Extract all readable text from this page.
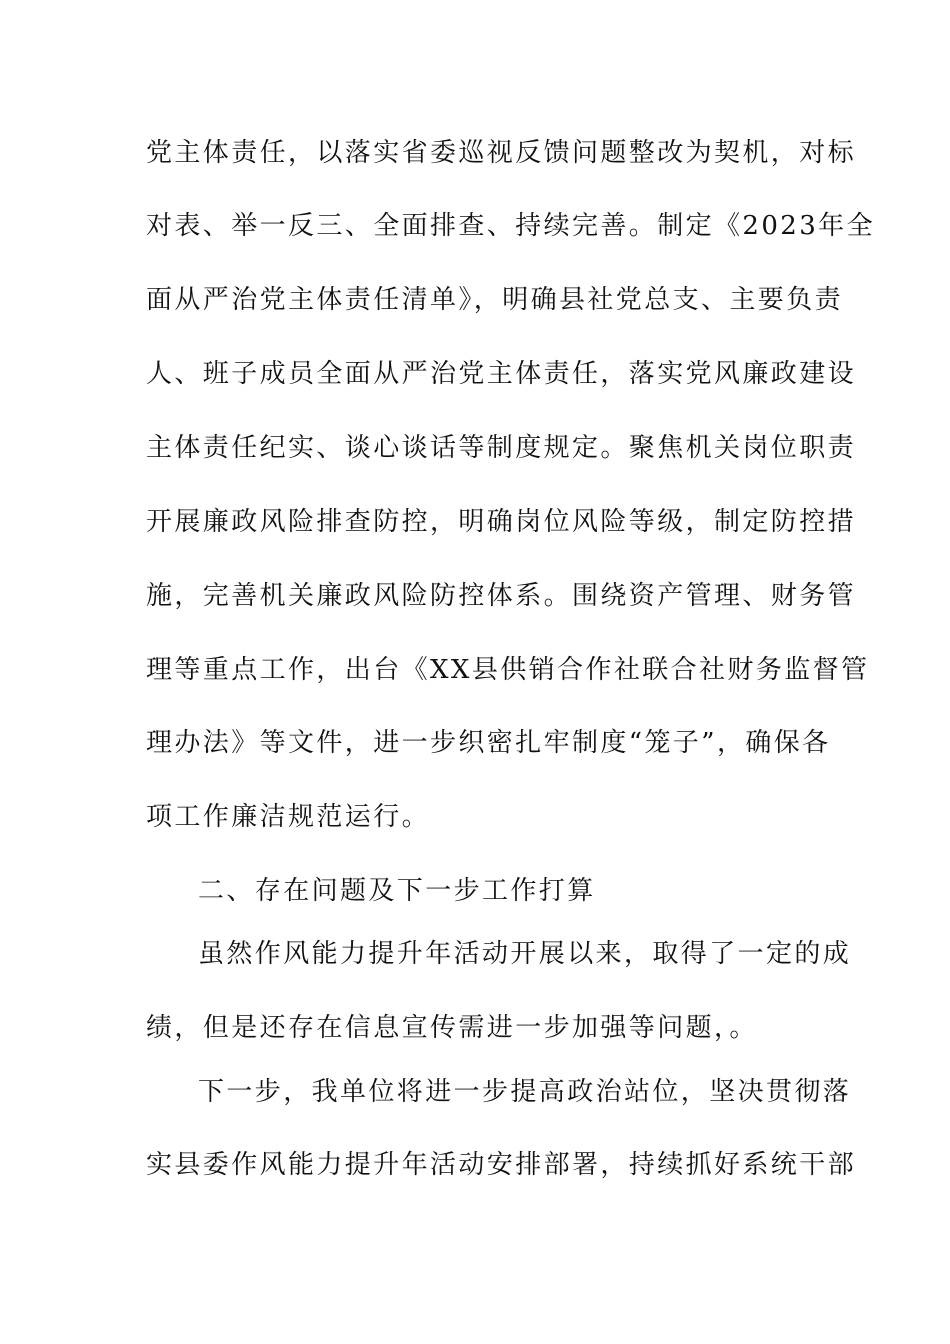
党主体责任，以落实省委巡视反馈问题整改为契机，对标
对表、举一反三、全面排查、持续完善。制定《2023年全
面从严治党主体责任清单》，明确县社党总支、主要负责
人、班子成员全面从严治党主体责任，落实党风廉政建设
主体责任纪实、谈心谈话等制度规定。聚焦机关岗位职责
开展廉政风险排查防控，明确岗位风险等级，制定防控措
施，完善机关廉政风险防控体系。围绕资产管理、财务管
理等重点工作，出台《XX县供销合作社联合社财务监督管
理办法》等文件，进一步织密扎牢制度“笼子”，确保各
项工作廉洁规范运行。
二、存在问题及下一步工作打算
虽然作风能力提升年活动开展以来，取得了一定的成
绩，但是还存在信息宣传需进一步加强等问题，。
下一步，我单位将进一步提高政治站位，坚决贯彻落
实县委作风能力提升年活动安排部署，持续抓好系统干部
